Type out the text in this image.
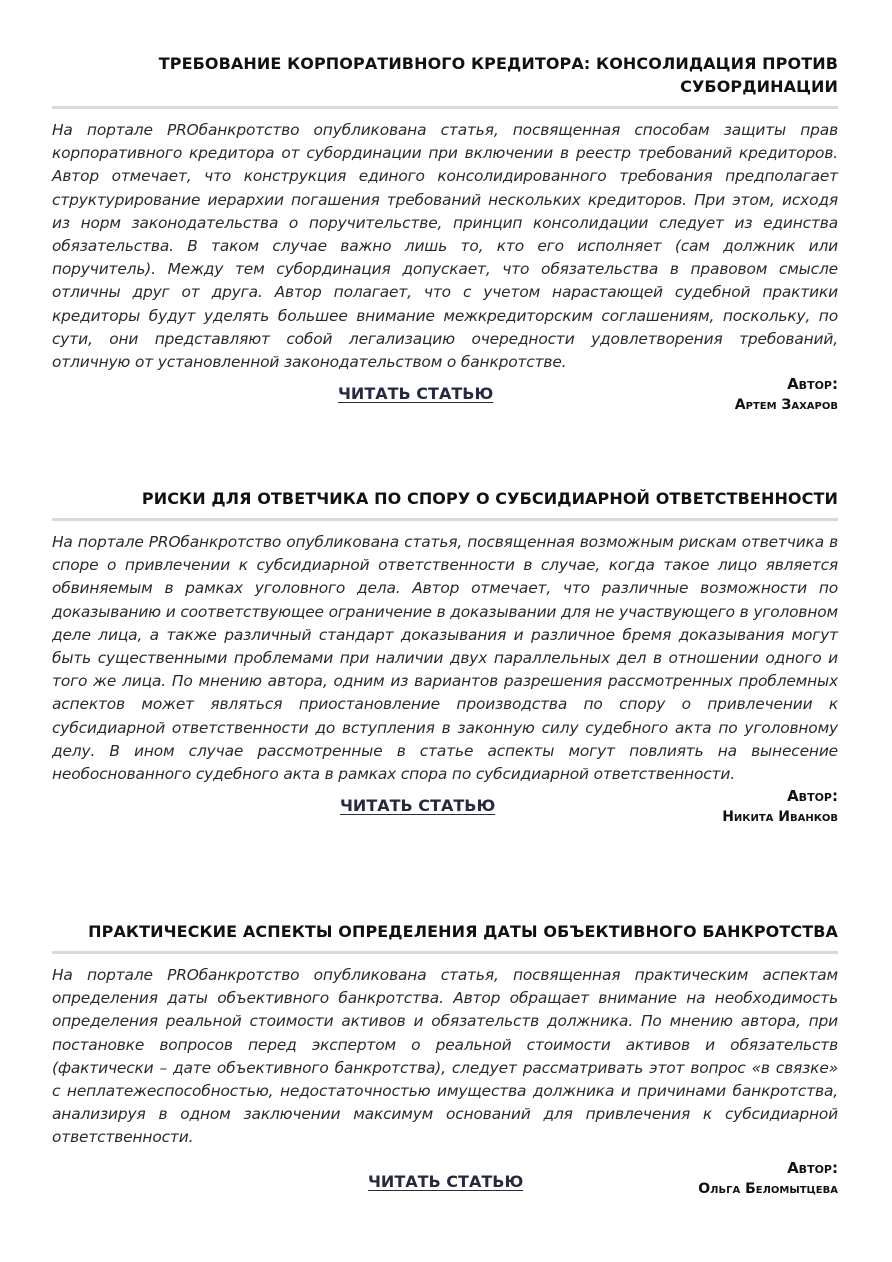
ТРЕБОВАНИЕ КОРПОРАТИВНОГО КРЕДИТОРА: КОНСОЛИДАЦИЯ ПРОТИВ СУБОРДИНАЦИИ

На портале PROбанкротство опубликована статья, посвященная способам защиты прав корпоративного кредитора от субординации при включении в реестр требований кредиторов. Автор отмечает, что конструкция единого консолидированного требования предполагает структурирование иерархии погашения требований нескольких кредиторов. При этом, исходя из норм законодательства о поручительстве, принцип консолидации следует из единства обязательства. В таком случае важно лишь то, кто его исполняет (сам должник или поручитель). Между тем субординация допускает, что обязательства в правовом смысле отличны друг от друга. Автор полагает, что с учетом нарастающей судебной практики кредиторы будут уделять большее внимание межкредиторским соглашениям, поскольку, по сути, они представляют собой легализацию очередности удовлетворения требований, отличную от установленной законодательством о банкротстве.

ЧИТАТЬ СТАТЬЮ	Автор:
Артем Захаров
РИСКИ ДЛЯ ОТВЕТЧИКА ПО СПОРУ О СУБСИДИАРНОЙ ОТВЕТСТВЕННОСТИ

На портале PROбанкротство опубликована статья, посвященная возможным рискам ответчика в споре о привлечении к субсидиарной ответственности в случае, когда такое лицо является обвиняемым в рамках уголовного дела. Автор отмечает, что различные возможности по доказыванию и соответствующее ограничение в доказывании для не участвующего в уголовном деле лица, а также различный стандарт доказывания и различное бремя доказывания могут быть существенными проблемами при наличии двух параллельных дел в отношении одного и того же лица. По мнению автора, одним из вариантов разрешения рассмотренных проблемных аспектов может являться приостановление производства по спору о привлечении к субсидиарной ответственности до вступления в законную силу судебного акта по уголовному делу. В ином случае рассмотренные в статье аспекты могут повлиять на вынесение необоснованного судебного акта в рамках спора по субсидиарной ответственности.

ЧИТАТЬ СТАТЬЮ	Автор:
Никита Иванков
ПРАКТИЧЕСКИЕ АСПЕКТЫ ОПРЕДЕЛЕНИЯ ДАТЫ ОБЪЕКТИВНОГО БАНКРОТСТВА

На портале PROбанкротство опубликована статья, посвященная практическим аспектам определения даты объективного банкротства. Автор обращает внимание на необходимость определения реальной стоимости активов и обязательств должника. По мнению автора, при постановке вопросов перед экспертом о реальной стоимости активов и обязательств (фактически – дате объективного банкротства), следует рассматривать этот вопрос «в связке» с неплатежеспособностью, недостаточностью имущества должника и причинами банкротства, анализируя в одном заключении максимум оснований для привлечения к субсидиарной ответственности.

ЧИТАТЬ СТАТЬЮ
Автор:
Ольга Беломытцева
